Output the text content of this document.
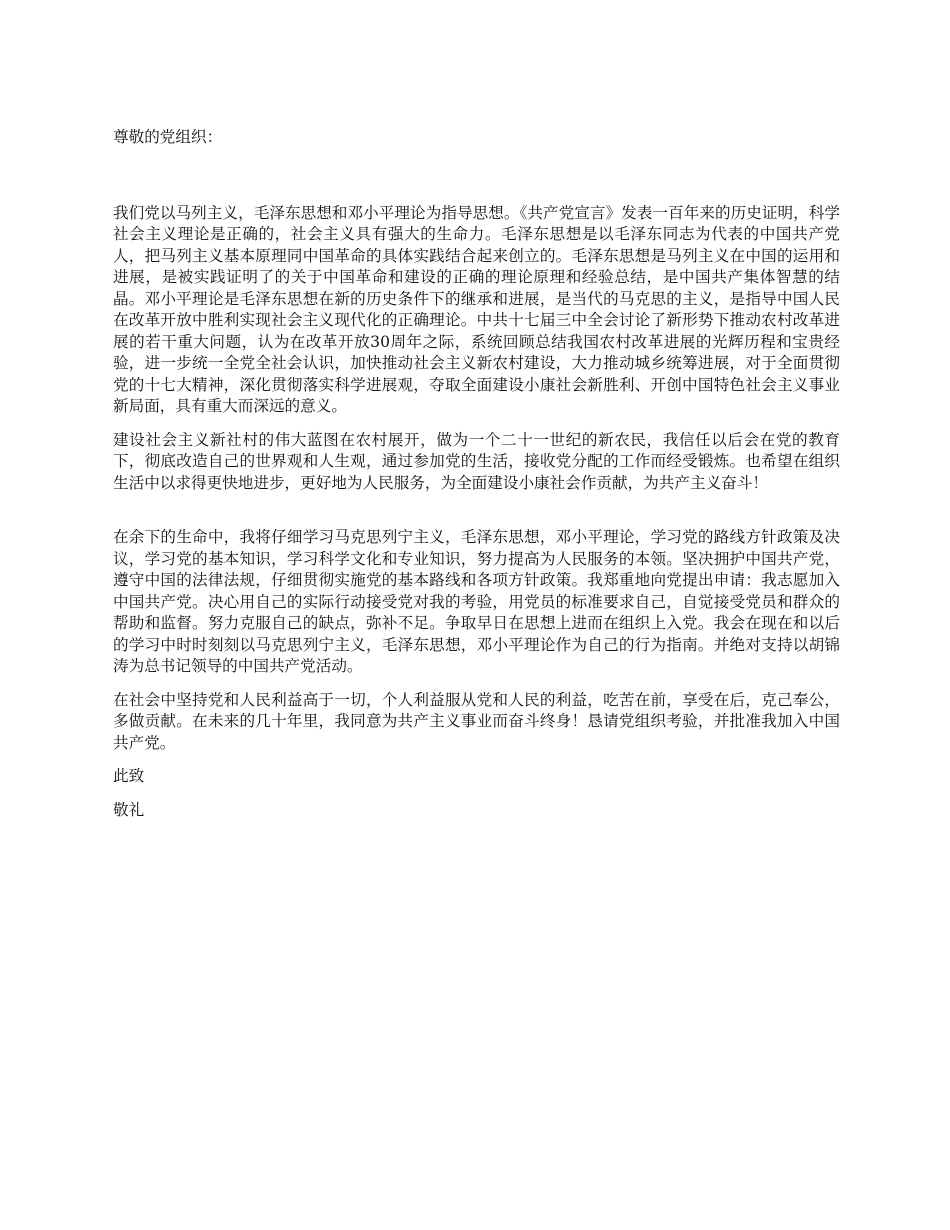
尊敬的党组织：

我们党以马列主义，毛泽东思想和邓小平理论为指导思想。《共产党宣言》发表一百年来的历史证明，科学社会主义理论是正确的，社会主义具有强大的生命力。毛泽东思想是以毛泽东同志为代表的中国共产党人，把马列主义基本原理同中国革命的具体实践结合起来创立的。毛泽东思想是马列主义在中国的运用和进展，是被实践证明了的关于中国革命和建设的正确的理论原理和经验总结，是中国共产集体智慧的结晶。邓小平理论是毛泽东思想在新的历史条件下的继承和进展，是当代的马克思的主义，是指导中国人民在改革开放中胜利实现社会主义现代化的正确理论。中共十七届三中全会讨论了新形势下推动农村改革进展的若干重大问题，认为在改革开放30周年之际，系统回顾总结我国农村改革进展的光辉历程和宝贵经验，进一步统一全党全社会认识，加快推动社会主义新农村建设，大力推动城乡统筹进展，对于全面贯彻党的十七大精神，深化贯彻落实科学进展观，夺取全面建设小康社会新胜利、开创中国特色社会主义事业新局面，具有重大而深远的意义。

建设社会主义新社村的伟大蓝图在农村展开，做为一个二十一世纪的新农民，我信任以后会在党的教育下，彻底改造自己的世界观和人生观，通过参加党的生活，接收党分配的工作而经受锻炼。也希望在组织生活中以求得更快地进步，更好地为人民服务，为全面建设小康社会作贡献，为共产主义奋斗！

在余下的生命中，我将仔细学习马克思列宁主义，毛泽东思想，邓小平理论，学习党的路线方针政策及决议，学习党的基本知识，学习科学文化和专业知识，努力提高为人民服务的本领。坚决拥护中国共产党，遵守中国的法律法规，仔细贯彻实施党的基本路线和各项方针政策。我郑重地向党提出申请：我志愿加入中国共产党。决心用自己的实际行动接受党对我的考验，用党员的标准要求自己，自觉接受党员和群众的帮助和监督。努力克服自己的缺点，弥补不足。争取早日在思想上进而在组织上入党。我会在现在和以后的学习中时时刻刻以马克思列宁主义，毛泽东思想，邓小平理论作为自己的行为指南。并绝对支持以胡锦涛为总书记领导的中国共产党活动。

在社会中坚持党和人民利益高于一切，个人利益服从党和人民的利益，吃苦在前，享受在后，克己奉公，多做贡献。在未来的几十年里，我同意为共产主义事业而奋斗终身！恳请党组织考验，并批准我加入中国共产党。

此致

敬礼
